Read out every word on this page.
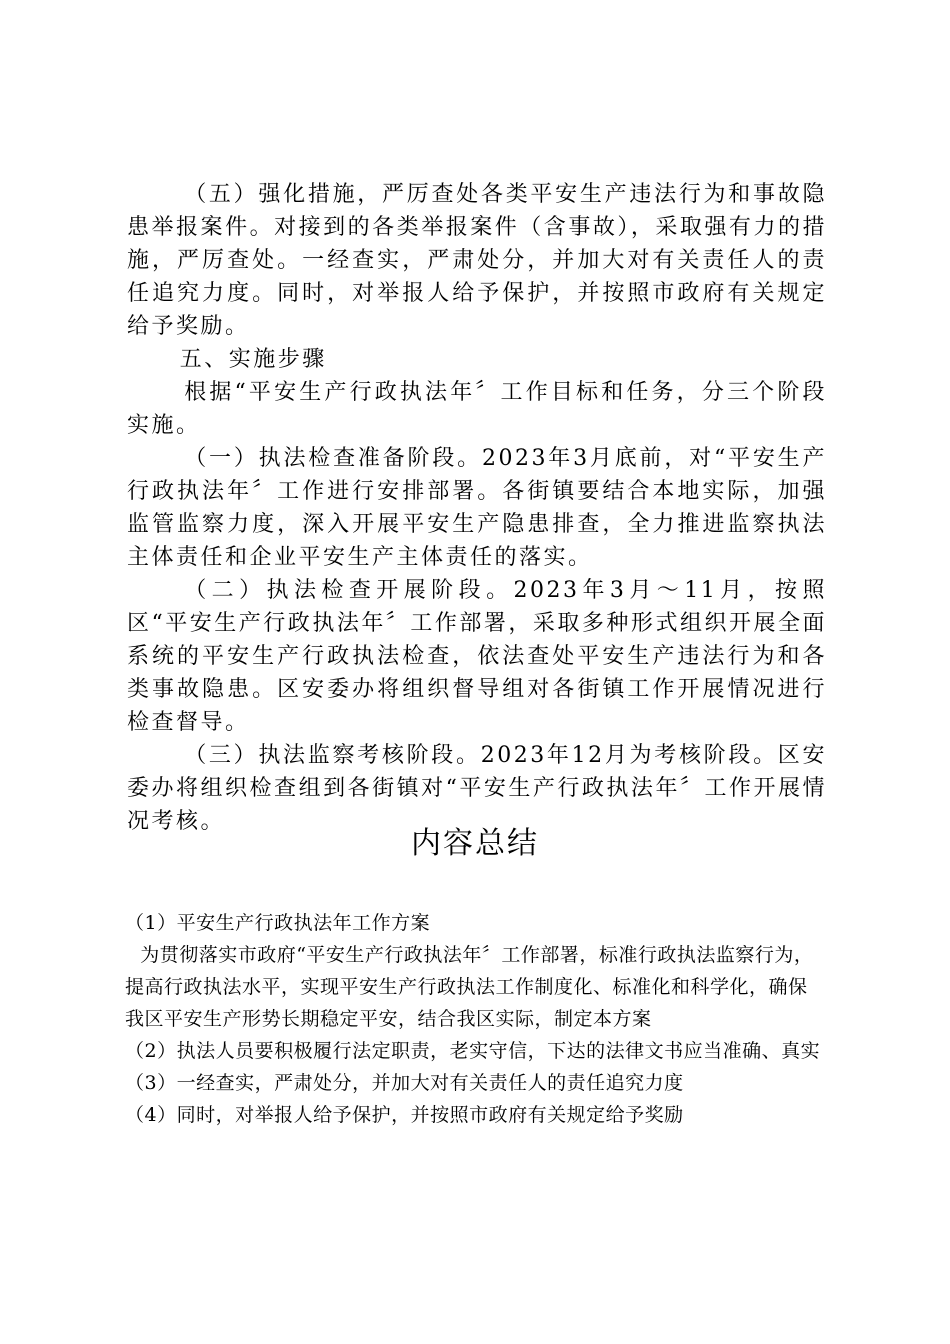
（五）强化措施，严厉查处各类平安生产违法行为和事故隐患举报案件。对接到的各类举报案件（含事故），采取强有力的措施，严厉查处。一经查实，严肃处分，并加大对有关责任人的责任追究力度。同时，对举报人给予保护，并按照市政府有关规定给予奖励。

五、实施步骤

根据“平安生产行政执法年〞工作目标和任务，分三个阶段实施。

（一）执法检查准备阶段。2023年3月底前，对“平安生产行政执法年〞工作进行安排部署。各街镇要结合本地实际，加强监管监察力度，深入开展平安生产隐患排查，全力推进监察执法主体责任和企业平安生产主体责任的落实。

（二）执法检查开展阶段。2023年3月～11月，按照区“平安生产行政执法年〞工作部署，采取多种形式组织开展全面系统的平安生产行政执法检查，依法查处平安生产违法行为和各类事故隐患。区安委办将组织督导组对各街镇工作开展情况进行检查督导。

（三）执法监察考核阶段。2023年12月为考核阶段。区安委办将组织检查组到各街镇对“平安生产行政执法年〞工作开展情况考核。

内容总结

（1）平安生产行政执法年工作方案

为贯彻落实市政府“平安生产行政执法年〞工作部署，标准行政执法监察行为，提高行政执法水平，实现平安生产行政执法工作制度化、标准化和科学化，确保我区平安生产形势长期稳定平安，结合我区实际，制定本方案

（2）执法人员要积极履行法定职责，老实守信，下达的法律文书应当准确、真实

（3）一经查实，严肃处分，并加大对有关责任人的责任追究力度

（4）同时，对举报人给予保护，并按照市政府有关规定给予奖励
